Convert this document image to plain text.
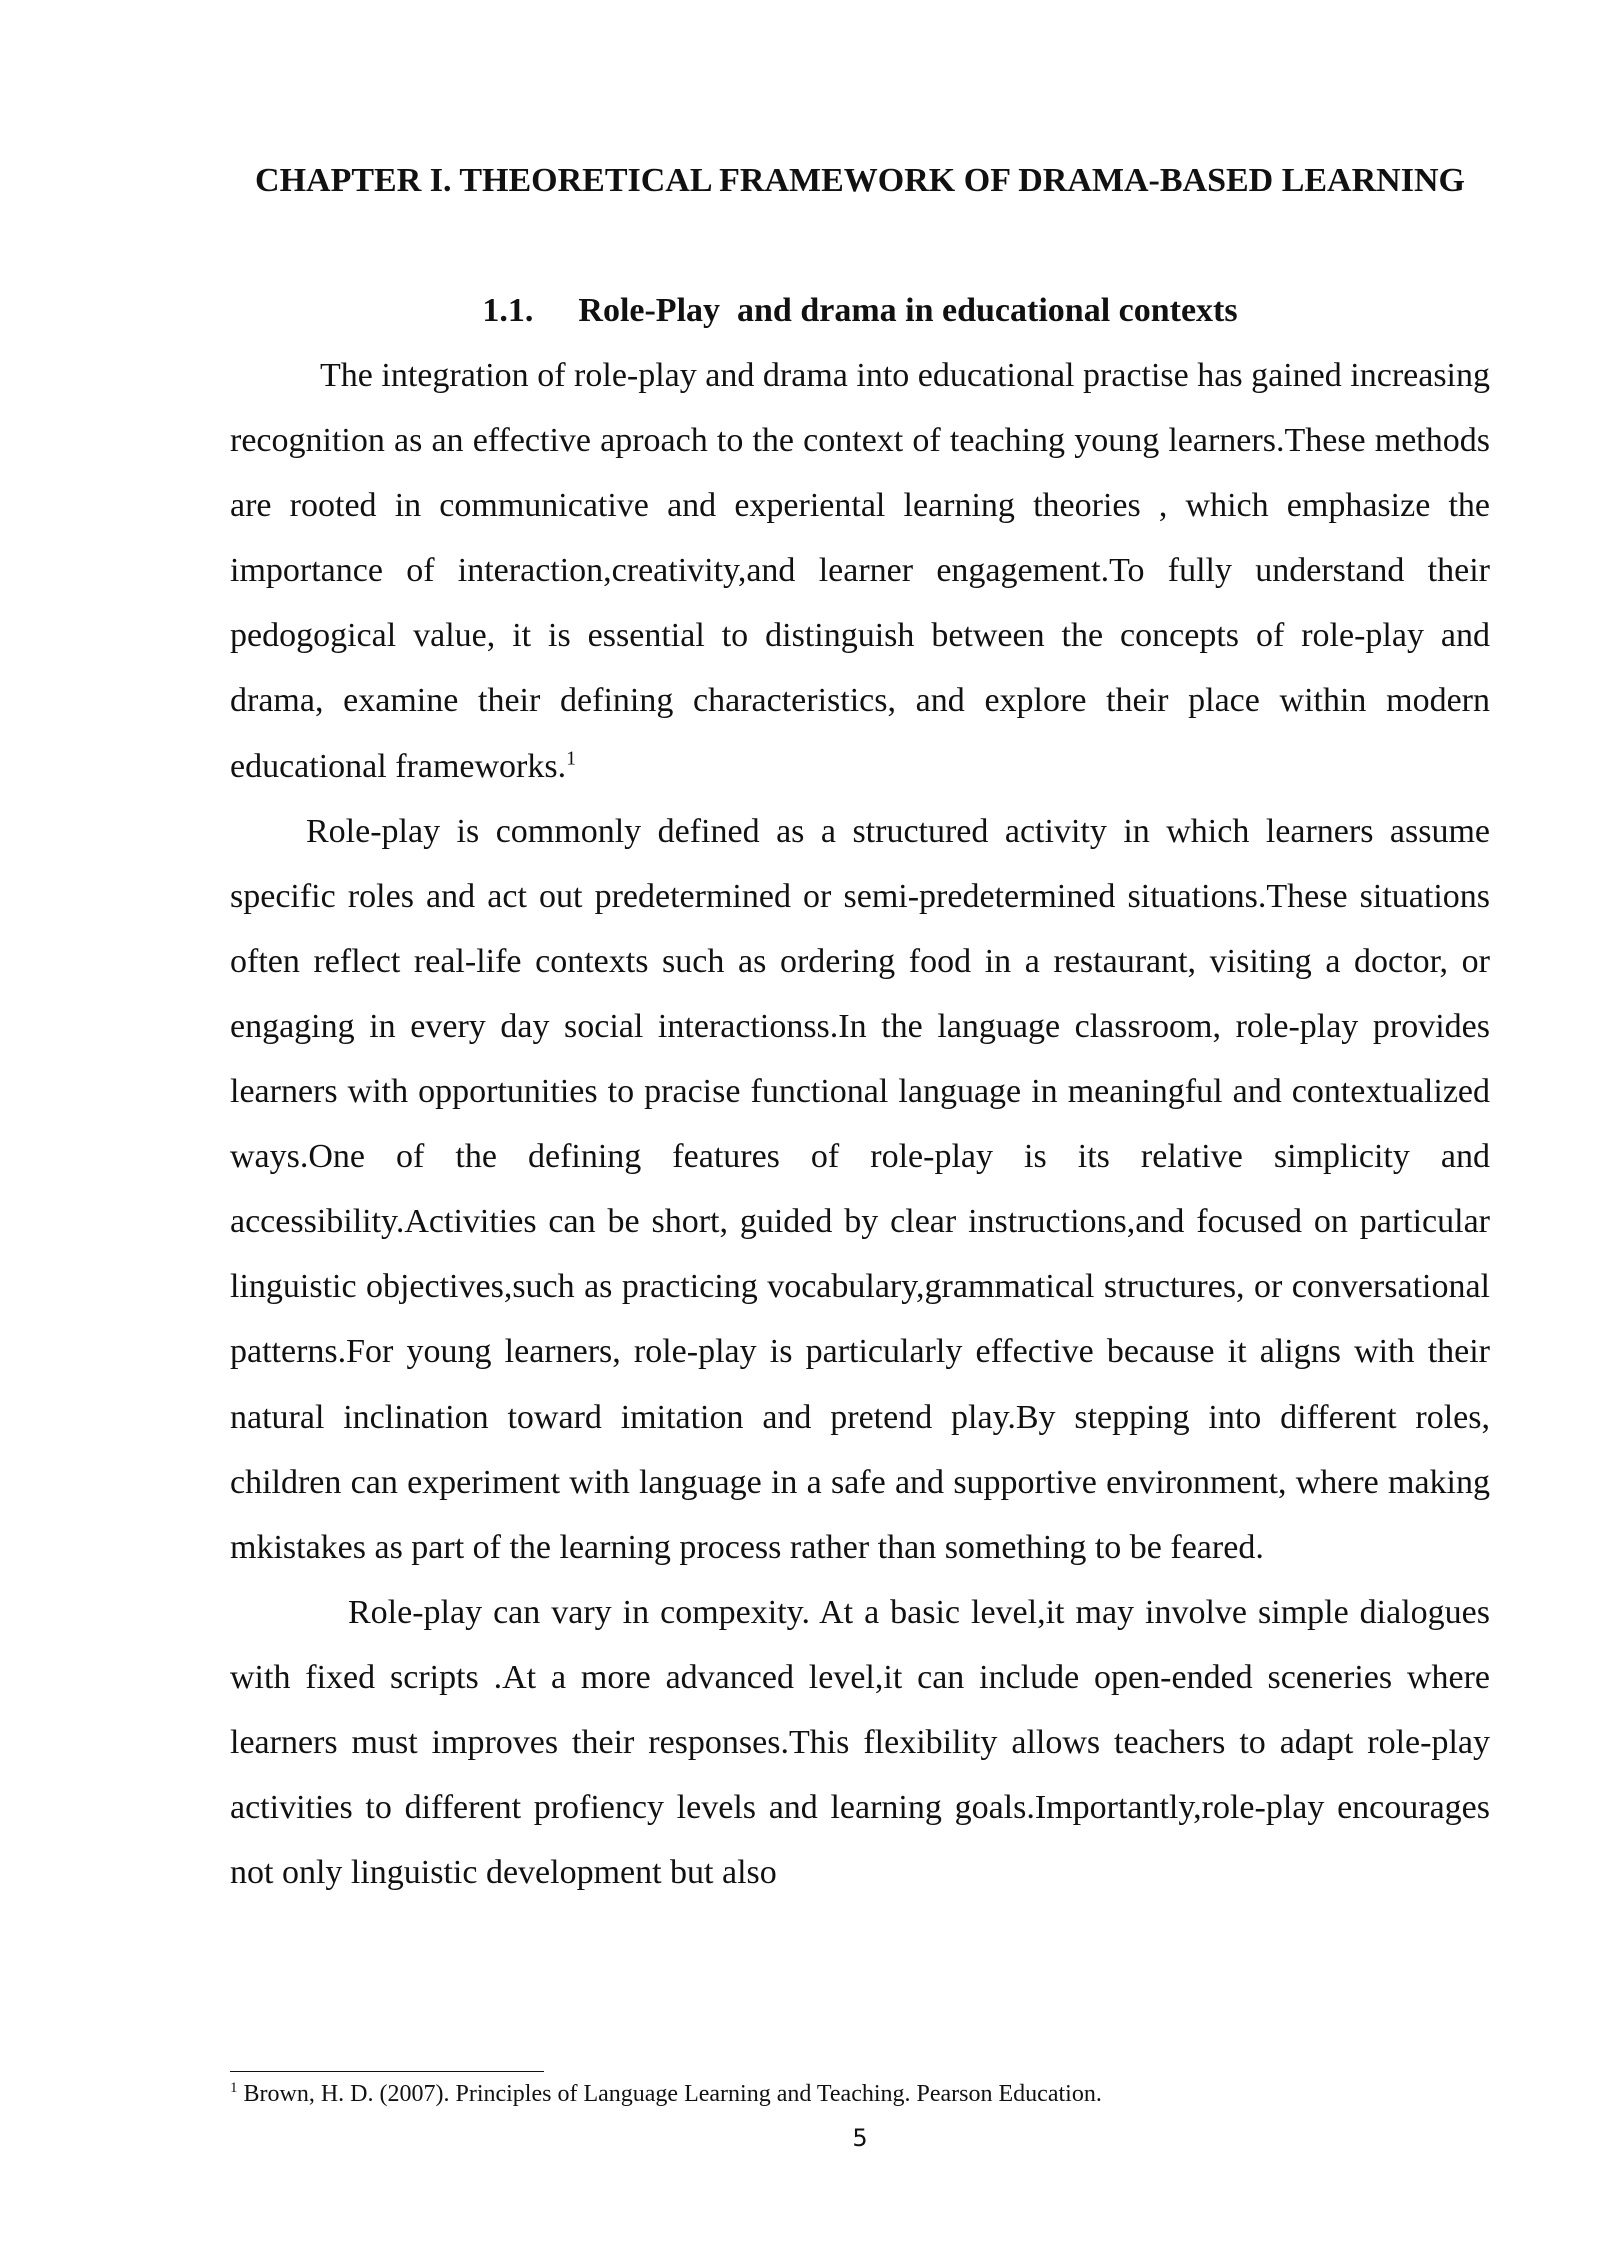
CHAPTER I. THEORETICAL FRAMEWORK OF DRAMA-BASED LEARNING
1.1. Role-Play  and drama in educational contexts

The integration of role-play and drama into educational practise has gained increasing recognition as an effective aproach to the context of teaching young learners.These methods are rooted in communicative and experiental learning theories , which emphasize the importance of interaction,creativity,and learner engagement.To fully understand their pedogogical value, it is essential to distinguish between the concepts of role-play and drama, examine their defining characteristics, and explore their place within modern educational frameworks.$^1$

Role-play is commonly defined as a structured activity in which learners assume specific roles and act out predetermined or semi-predetermined situations.These situations often reflect real-life contexts such as ordering food in a restaurant, visiting a doctor, or engaging in every day social interactionss.In the language classroom, role-play provides learners with opportunities to pracise functional language in meaningful and contextualized ways.One of the defining features of role-play is its relative simplicity and accessibility.Activities can be short, guided by clear instructions,and focused on particular linguistic objectives,such as practicing vocabulary,grammatical structures, or conversational patterns.For young learners, role-play is particularly effective because it aligns with their natural inclination toward imitation and pretend play.By stepping into different roles, children can experiment with language in a safe and supportive environment, where making mkistakes as part of the learning process rather than something to be feared.

Role-play can vary in compexity. At a basic level,it may involve simple dialogues with fixed scripts .At a more advanced level,it can include open-ended sceneries where learners must improves their responses.This flexibility allows teachers to adapt role-play activities to different profiency levels and learning goals.Importantly,role-play encourages not only linguistic development but also

$^1$ Brown, H. D. (2007). Principles of Language Learning and Teaching. Pearson Education.
5
